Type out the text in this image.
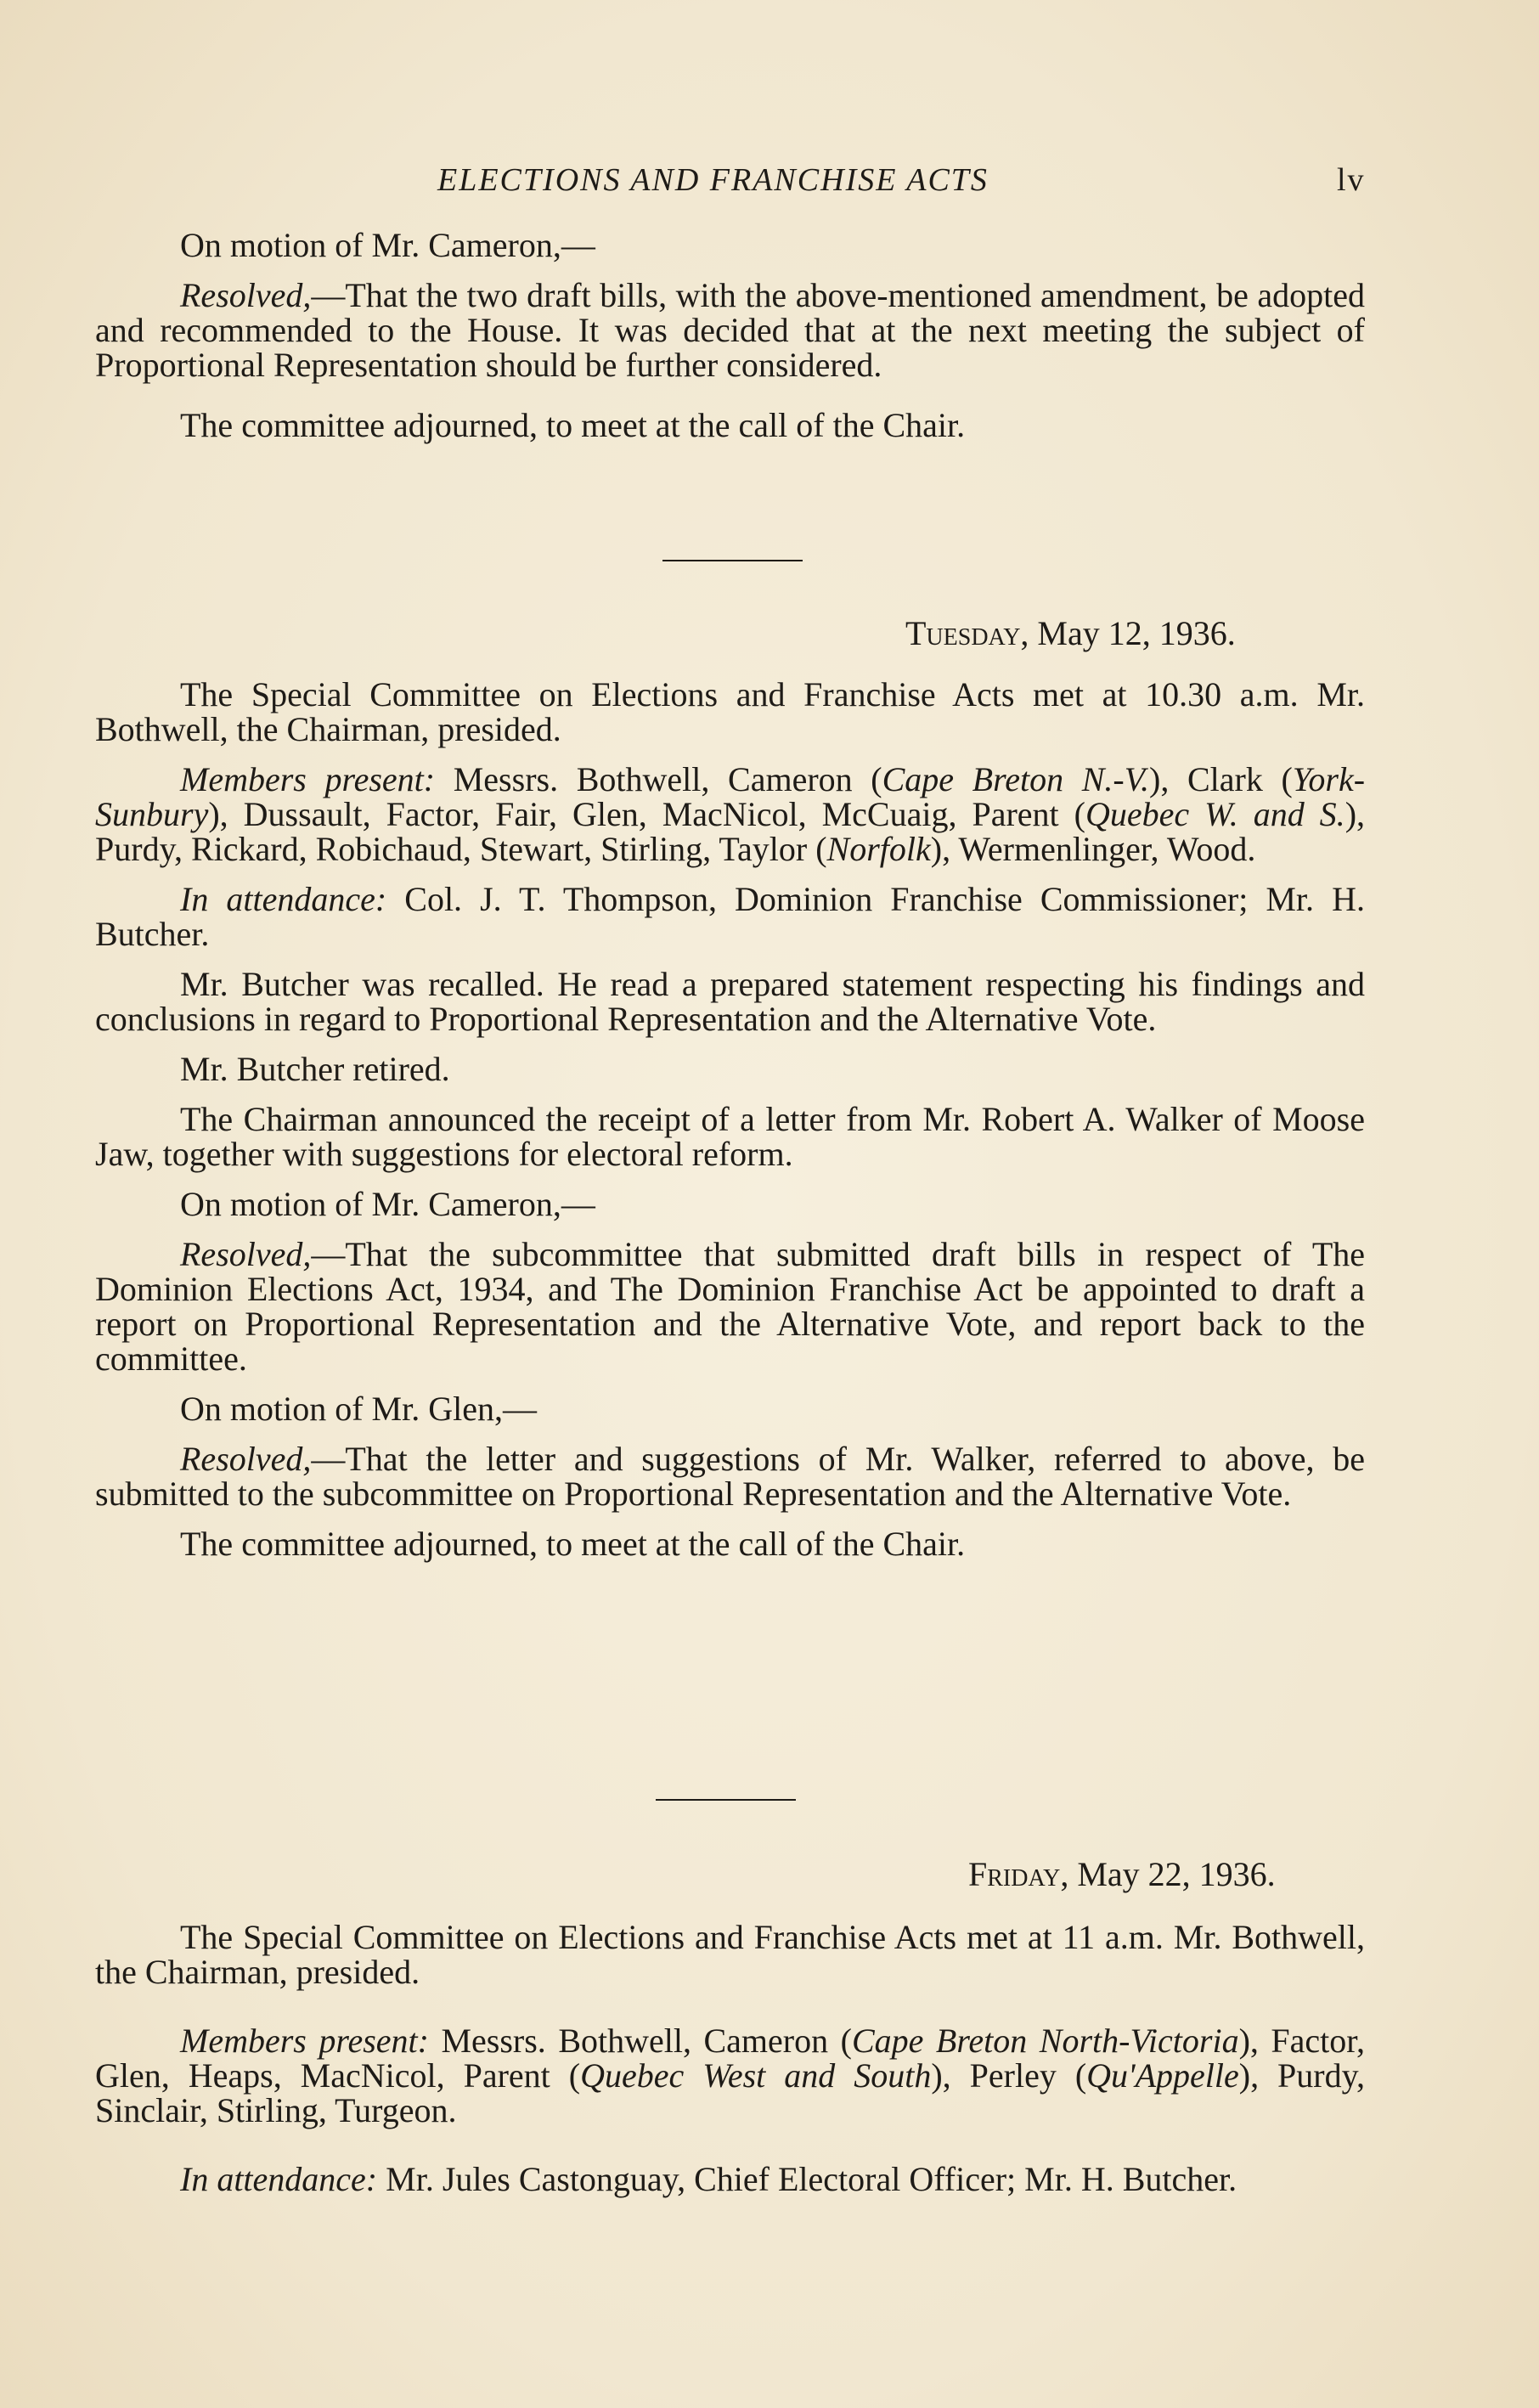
ELECTIONS AND FRANCHISE ACTS	lv

On motion of Mr. Cameron,—

Resolved,—That the two draft bills, with the above-mentioned amendment, be adopted and recommended to the House. It was decided that at the next meeting the subject of Proportional Representation should be further considered.

The committee adjourned, to meet at the call of the Chair.

Tuesday, May 12, 1936.

The Special Committee on Elections and Franchise Acts met at 10.30 a.m. Mr. Bothwell, the Chairman, presided.

Members present: Messrs. Bothwell, Cameron (Cape Breton N.-V.), Clark (York-Sunbury), Dussault, Factor, Fair, Glen, MacNicol, McCuaig, Parent (Quebec W. and S.), Purdy, Rickard, Robichaud, Stewart, Stirling, Taylor (Norfolk), Wermenlinger, Wood.

In attendance: Col. J. T. Thompson, Dominion Franchise Commissioner; Mr. H. Butcher.

Mr. Butcher was recalled. He read a prepared statement respecting his findings and conclusions in regard to Proportional Representation and the Alternative Vote.

Mr. Butcher retired.

The Chairman announced the receipt of a letter from Mr. Robert A. Walker of Moose Jaw, together with suggestions for electoral reform.

On motion of Mr. Cameron,—

Resolved,—That the subcommittee that submitted draft bills in respect of The Dominion Elections Act, 1934, and The Dominion Franchise Act be appointed to draft a report on Proportional Representation and the Alternative Vote, and report back to the committee.

On motion of Mr. Glen,—

Resolved,—That the letter and suggestions of Mr. Walker, referred to above, be submitted to the subcommittee on Proportional Representation and the Alternative Vote.

The committee adjourned, to meet at the call of the Chair.

Friday, May 22, 1936.

The Special Committee on Elections and Franchise Acts met at 11 a.m. Mr. Bothwell, the Chairman, presided.

Members present: Messrs. Bothwell, Cameron (Cape Breton North-Victoria), Factor, Glen, Heaps, MacNicol, Parent (Quebec West and South), Perley (Qu'Appelle), Purdy, Sinclair, Stirling, Turgeon.

In attendance: Mr. Jules Castonguay, Chief Electoral Officer; Mr. H. Butcher.
